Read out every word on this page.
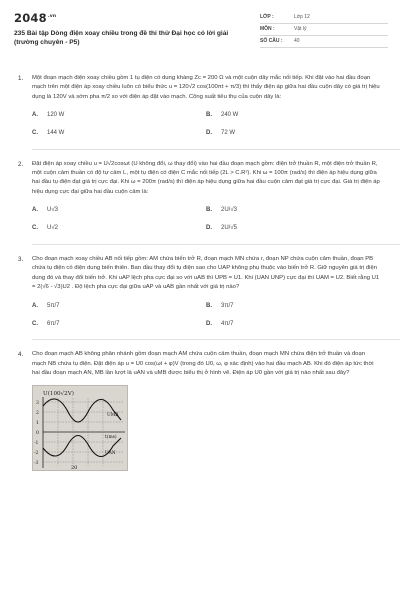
$2048^{.vn}$
235 Bài tập Dòng điện xoay chiều trong đề thi thử Đại học có lời giải (trường chuyên - P5)
LỚP :	Lớp 12
MÔN :	Vật lý
SỐ CÂU :	40
1.	Một đoạn mạch điện xoay chiều gồm 1 tụ điện có dung kháng Zc = 200 Ω và một cuộn dây mắc nối tiếp. Khi đặt vào hai đầu đoạn mạch trên một điện áp xoay chiều luôn có biểu thức u = 120√2 cos(100πt + π/3) thì thấy điện áp giữa hai đầu cuộn dây có giá trị hiệu dụng là 120V và sớm pha π/2 so với điện áp đặt vào mạch. Công suất tiêu thụ của cuộn dây là:
A.	120 W	B.	240 W
C.	144 W	D.	72 W
2.	Đặt điện áp xoay chiều u = U√2cosωt (U không đổi, ω thay đổi) vào hai đầu đoạn mạch gồm: điện trở thuần R, một điện trở thuần R, một cuộn cảm thuần có độ tự cảm L, một tụ điện có điện C mắc nối tiếp (2L > C.R²). Khi ω = 100π (rad/s) thì điện áp hiệu dụng giữa hai đầu tụ điện đạt giá trị cực đại. Khi ω = 200π (rad/s) thì điện áp hiệu dụng giữa hai đầu cuộn cảm đạt giá trị cực đại. Giá trị điện áp hiệu dụng cực đại giữa hai đầu cuộn cảm là:
A.	U√3	B.	2U/√3
C.	U√2	D.	2U/√5
3.	Cho đoạn mạch xoay chiều AB nối tiếp gồm: AM chứa biến trở R, đoạn mạch MN chứa r, đoạn NP chứa cuộn cảm thuần, đoạn PB chứa tụ điện có điện dung biến thiên. Ban đầu thay đổi tụ điện sao cho UAP không phụ thuộc vào biến trở R. Giữ nguyên giá trị điện dung đó và thay đổi biến trở. Khi uAP lệch pha cực đại so với uAB thì UPB = U1. Khi (UAN UNP) cực đại thì UAM = U2. Biết rằng U1 = 2(√6 - √3)U2 . Độ lệch pha cực đại giữa uAP và uAB gần nhất với giá trị nào?
A.	5π/7	B.	3π/7
C.	6π/7	D.	4π/7
4.	Cho đoạn mạch AB không phân nhánh gồm đoạn mạch AM chứa cuộn cảm thuần, đoạn mạch MN chứa điện trở thuần và đoạn mạch NB chứa tụ điện. Đặt điện áp u = U0 cos(ωt + φ)V (trong đó U0, ω, φ xác định) vào hai đầu mạch AB. Khi đó điện áp tức thời hai đầu đoạn mạch AN, MB lần lượt là uAN và uMB được biểu thị ở hình vẽ. Điện áp U0 gần với giá trị nào nhất sau đây?
U(100√2V)
3
2
1
0
-1
-2
-3
UMB
t(ms)
UAN
20
